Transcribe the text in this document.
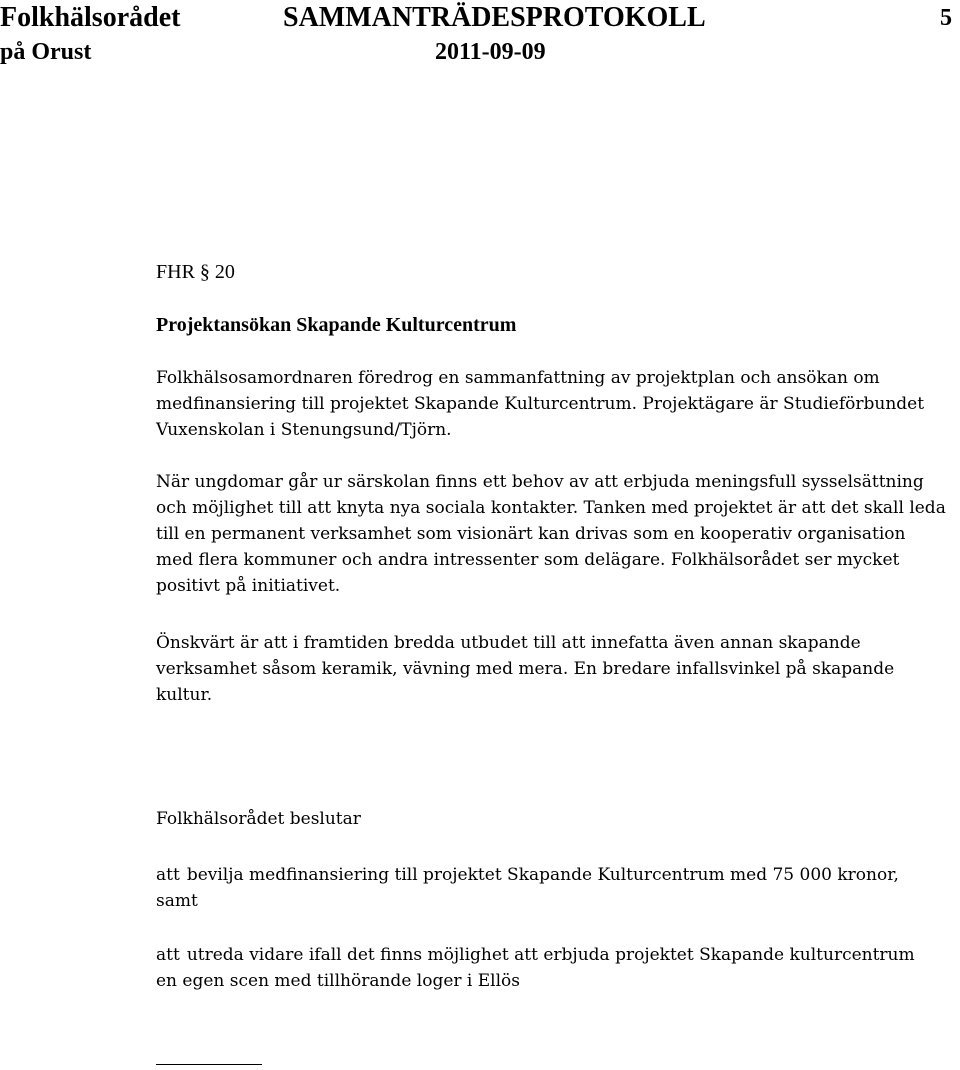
Folkhälsorådet
på Orust
SAMMANTRÄDESPROTOKOLL
2011-09-09
5
FHR § 20
Projektansökan Skapande Kulturcentrum

Folkhälsosamordnaren föredrog en sammanfattning av projektplan och ansökan om medfinansiering till projektet Skapande Kulturcentrum. Projektägare är Studieförbundet Vuxenskolan i Stenungsund/Tjörn.

När ungdomar går ur särskolan finns ett behov av att erbjuda meningsfull sysselsättning och möjlighet till att knyta nya sociala kontakter. Tanken med projektet är att det skall leda till en permanent verksamhet som visionärt kan drivas som en kooperativ organisation med flera kommuner och andra intressenter som delägare. Folkhälsorådet ser mycket positivt på initiativet.

Önskvärt är att i framtiden bredda utbudet till att innefatta även annan skapande verksamhet såsom keramik, vävning med mera. En bredare infallsvinkel på skapande kultur.

Folkhälsorådet beslutar

att bevilja medfinansiering till projektet Skapande Kulturcentrum med 75 000 kronor, samt

att utreda vidare ifall det finns möjlighet att erbjuda projektet Skapande kulturcentrum en egen scen med tillhörande loger i Ellös
